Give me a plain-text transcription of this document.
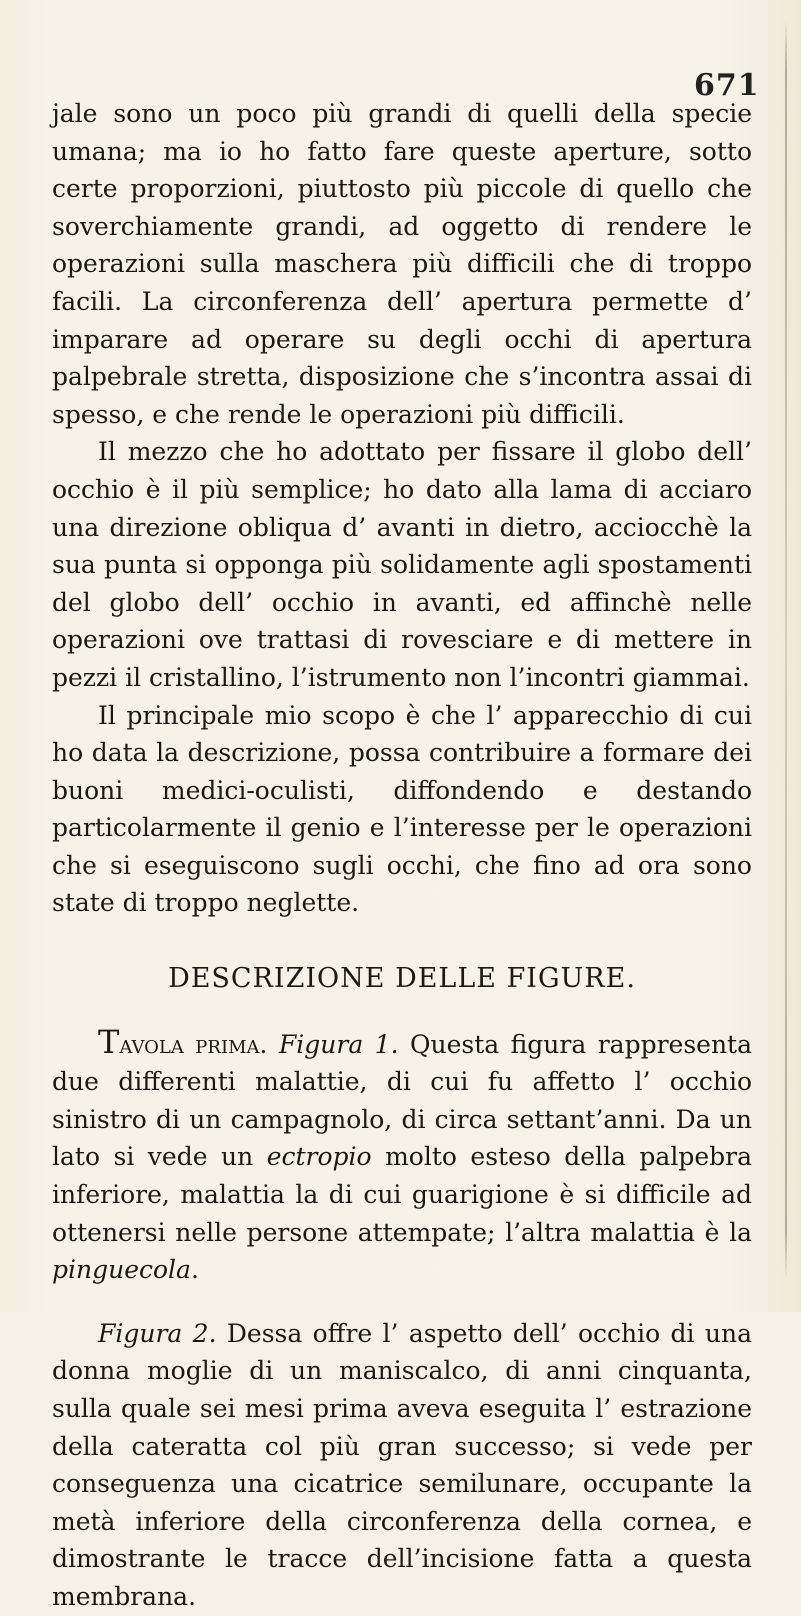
671

jale sono un poco più grandi di quelli della specie umana; ma io ho fatto fare queste aperture, sotto certe proporzioni, piuttosto più piccole di quello che soverchiamente grandi, ad oggetto di rendere le operazioni sulla maschera più difficili che di troppo facili. La circonferenza dell’ apertura permette d’ imparare ad operare su degli occhi di apertura palpebrale stretta, disposizione che s’incontra assai di spesso, e che rende le operazioni più difficili.

Il mezzo che ho adottato per fissare il globo dell’ occhio è il più semplice; ho dato alla lama di acciaro una direzione obliqua d’ avanti in dietro, acciocchè la sua punta si opponga più solidamente agli spostamenti del globo dell’ occhio in avanti, ed affinchè nelle operazioni ove trattasi di rovesciare e di mettere in pezzi il cristallino, l’istrumento non l’incontri giammai.

Il principale mio scopo è che l’ apparecchio di cui ho data la descrizione, possa contribuire a formare dei buoni medici-oculisti, diffondendo e destando particolarmente il genio e l’interesse per le operazioni che si eseguiscono sugli occhi, che fino ad ora sono state di troppo neglette.

DESCRIZIONE DELLE FIGURE.

Tavola prima. Figura 1. Questa figura rappresenta due differenti malattie, di cui fu affetto l’ occhio sinistro di un campagnolo, di circa settant’anni. Da un lato si vede un ectropio molto esteso della palpebra inferiore, malattia la di cui guarigione è si difficile ad ottenersi nelle persone attempate; l’altra malattia è la pinguecola.

Figura 2. Dessa offre l’ aspetto dell’ occhio di una donna moglie di un maniscalco, di anni cinquanta, sulla quale sei mesi prima aveva eseguita l’ estrazione della cateratta col più gran successo; si vede per conseguenza una cicatrice semilunare, occupante la metà inferiore della circonferenza della cornea, e dimostrante le tracce dell’incisione fatta a questa membrana.
